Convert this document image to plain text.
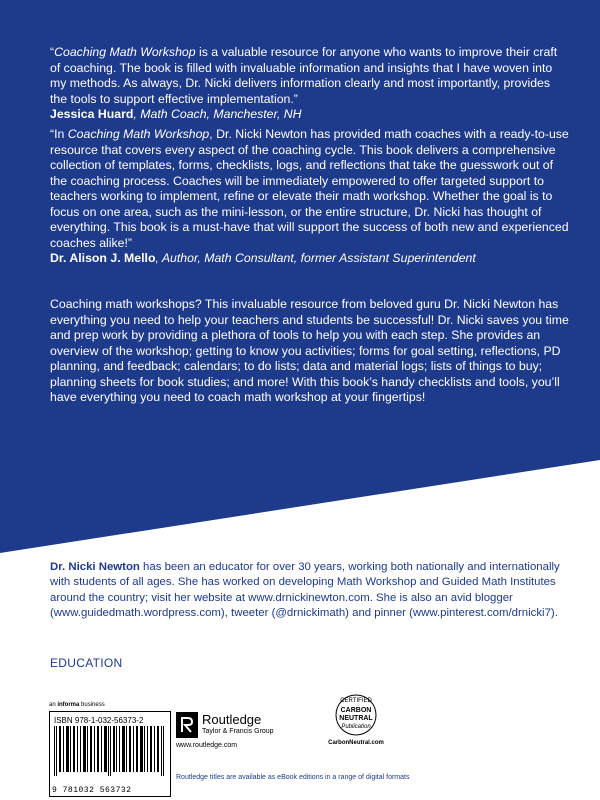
“Coaching Math Workshop is a valuable resource for anyone who wants to improve their craft of coaching. The book is filled with invaluable information and insights that I have woven into my methods. As always, Dr. Nicki delivers information clearly and most importantly, provides the tools to support effective implementation.”

Jessica Huard, Math Coach, Manchester, NH

“In Coaching Math Workshop, Dr. Nicki Newton has provided math coaches with a ready-to-use resource that covers every aspect of the coaching cycle. This book delivers a comprehensive collection of templates, forms, checklists, logs, and reflections that take the guesswork out of the coaching process. Coaches will be immediately empowered to offer targeted support to teachers working to implement, refine or elevate their math workshop. Whether the goal is to focus on one area, such as the mini-lesson, or the entire structure, Dr. Nicki has thought of everything. This book is a must-have that will support the success of both new and experienced coaches alike!”

Dr. Alison J. Mello, Author, Math Consultant, former Assistant Superintendent

Coaching math workshops? This invaluable resource from beloved guru Dr. Nicki Newton has everything you need to help your teachers and students be successful! Dr. Nicki saves you time and prep work by providing a plethora of tools to help you with each step. She provides an overview of the workshop; getting to know you activities; forms for goal setting, reflections, PD planning, and feedback; calendars; to do lists; data and material logs; lists of things to buy; planning sheets for book studies; and more! With this book’s handy checklists and tools, you’ll have everything you need to coach math workshop at your fingertips!

Dr. Nicki Newton has been an educator for over 30 years, working both nationally and internationally with students of all ages. She has worked on developing Math Workshop and Guided Math Institutes around the country; visit her website at www.drnickinewton.com. She is also an avid blogger (www.guidedmath.wordpress.com), tweeter (@drnickimath) and pinner (www.pinterest.com/drnicki7).
EDUCATION
an informa business
ISBN 978-1-032-56373-2
9 781032 563732
Routledge
Taylor & Francis Group
www.routledge.com
CERTIFIED
CARBON
NEUTRAL
Publication
CarbonNeutral.com
Routledge titles are available as eBook editions in a range of digital formats
